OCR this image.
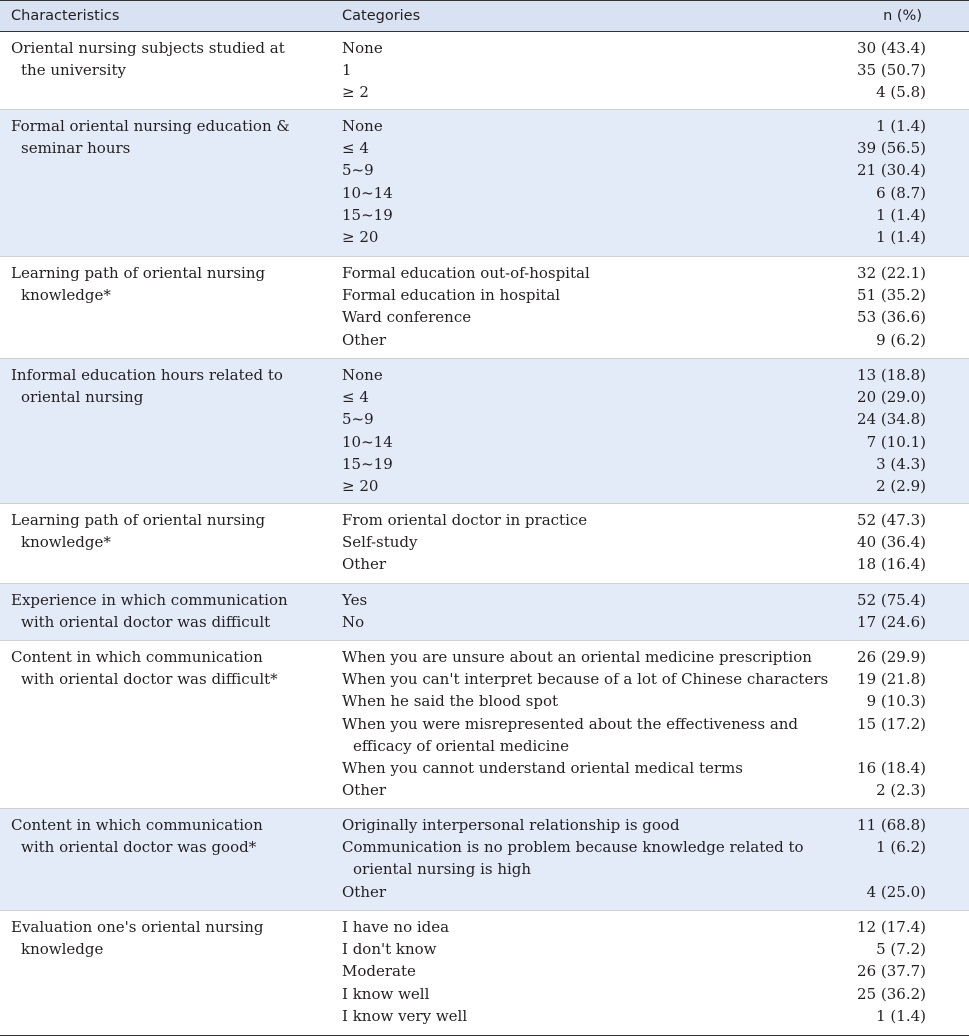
Characteristics	Categories	n (%)
Oriental nursing subjects studied at
the university
None	30 (43.4)
1	35 (50.7)
≥ 2	4 (5.8)
Formal oriental nursing education &
seminar hours
None	1 (1.4)
≤ 4	39 (56.5)
5~9	21 (30.4)
10~14	6 (8.7)
15~19	1 (1.4)
≥ 20	1 (1.4)
Learning path of oriental nursing
knowledge*
Formal education out-of-hospital	32 (22.1)
Formal education in hospital	51 (35.2)
Ward conference	53 (36.6)
Other	9 (6.2)
Informal education hours related to
oriental nursing
None	13 (18.8)
≤ 4	20 (29.0)
5~9	24 (34.8)
10~14	7 (10.1)
15~19	3 (4.3)
≥ 20	2 (2.9)
Learning path of oriental nursing
knowledge*
From oriental doctor in practice	52 (47.3)
Self-study	40 (36.4)
Other	18 (16.4)
Experience in which communication
with oriental doctor was difficult
Yes	52 (75.4)
No	17 (24.6)
Content in which communication
with oriental doctor was difficult*
When you are unsure about an oriental medicine prescription	26 (29.9)
When you can't interpret because of a lot of Chinese characters	19 (21.8)
When he said the blood spot	9 (10.3)
When you were misrepresented about the effectiveness and
efficacy of oriental medicine
15 (17.2)
When you cannot understand oriental medical terms	16 (18.4)
Other	2 (2.3)
Content in which communication
with oriental doctor was good*
Originally interpersonal relationship is good	11 (68.8)
Communication is no problem because knowledge related to
oriental nursing is high
1 (6.2)
Other	4 (25.0)
Evaluation one's oriental nursing
knowledge
I have no idea	12 (17.4)
I don't know	5 (7.2)
Moderate	26 (37.7)
I know well	25 (36.2)
I know very well	1 (1.4)
